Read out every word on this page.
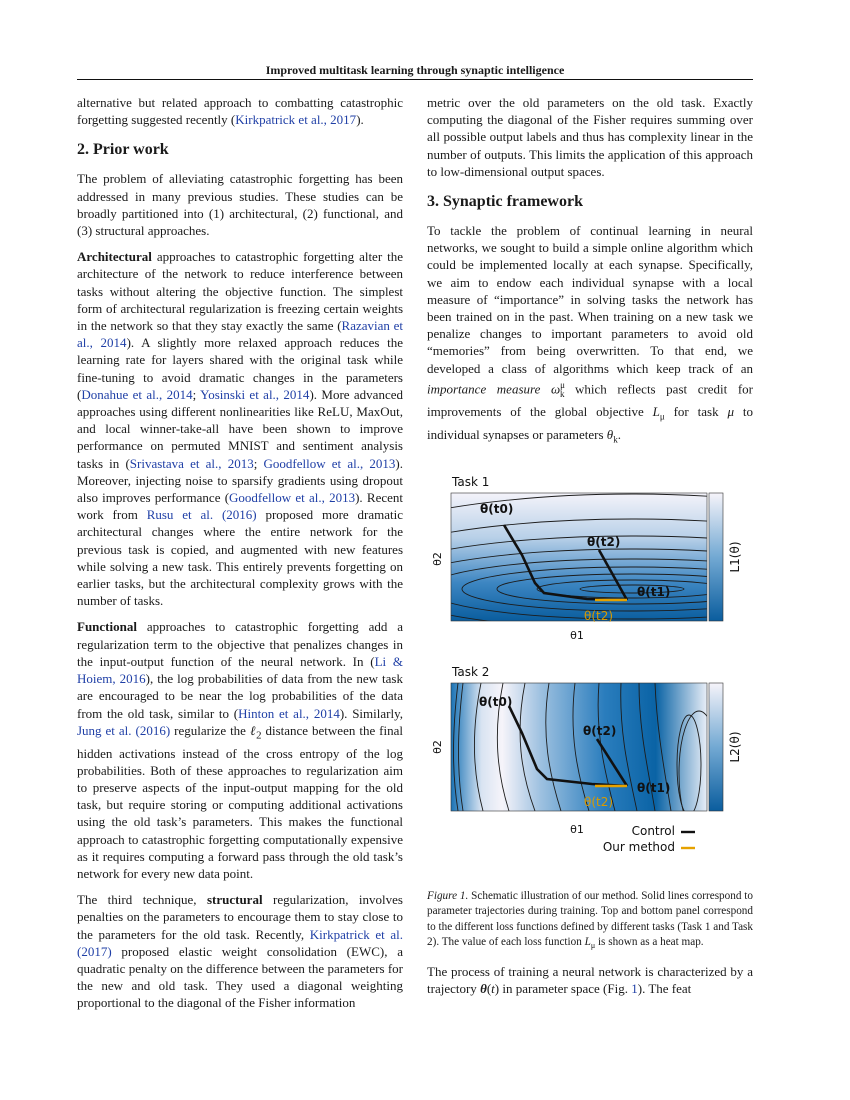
Improved multitask learning through synaptic intelligence

alternative but related approach to combatting catastrophic forgetting suggested recently (Kirkpatrick et al., 2017).

2. Prior work

The problem of alleviating catastrophic forgetting has been addressed in many previous studies. These studies can be broadly partitioned into (1) architectural, (2) functional, and (3) structural approaches.

Architectural approaches to catastrophic forgetting alter the architecture of the network to reduce interference between tasks without altering the objective function. The simplest form of architectural regularization is freezing certain weights in the network so that they stay exactly the same (Razavian et al., 2014). A slightly more relaxed approach reduces the learning rate for layers shared with the original task while fine-tuning to avoid dramatic changes in the parameters (Donahue et al., 2014; Yosinski et al., 2014). More advanced approaches using different nonlinearities like ReLU, MaxOut, and local winner-take-all have been shown to improve performance on permuted MNIST and sentiment analysis tasks in (Srivastava et al., 2013; Goodfellow et al., 2013). Moreover, injecting noise to sparsify gradients using dropout also improves performance (Goodfellow et al., 2013). Recent work from Rusu et al. (2016) proposed more dramatic architectural changes where the entire network for the previous task is copied, and augmented with new features while solving a new task. This entirely prevents forgetting on earlier tasks, but the architectural complexity grows with the number of tasks.

Functional approaches to catastrophic forgetting add a regularization term to the objective that penalizes changes in the input-output function of the neural network. In (Li & Hoiem, 2016), the log probabilities of data from the new task are encouraged to be near the log probabilities of the data from the old task, similar to (Hinton et al., 2014). Similarly, Jung et al. (2016) regularize the ℓ$_2$ distance between the final hidden activations instead of the cross entropy of the log probabilities. Both of these approaches to regularization aim to preserve aspects of the input-output mapping for the old task, but require storing or computing additional activations using the old task’s parameters. This makes the functional approach to catastrophic forgetting computationally expensive as it requires computing a forward pass through the old task’s network for every new data point.

The third technique, structural regularization, involves penalties on the parameters to encourage them to stay close to the parameters for the old task. Recently, Kirkpatrick et al. (2017) proposed elastic weight consolidation (EWC), a quadratic penalty on the difference between the parameters for the new and old task. They used a diagonal weighting proportional to the diagonal of the Fisher information

metric over the old parameters on the old task. Exactly computing the diagonal of the Fisher requires summing over all possible output labels and thus has complexity linear in the number of outputs. This limits the application of this approach to low-dimensional output spaces.

3. Synaptic framework

To tackle the problem of continual learning in neural networks, we sought to build a simple online algorithm which could be implemented locally at each synapse. Specifically, we aim to endow each individual synapse with a local measure of “importance” in solving tasks the network has been trained on in the past. When training on a new task we penalize changes to important parameters to avoid old “memories” from being overwritten. To that end, we developed a class of algorithms which keep track of an importance measure $\omega^\mu_k$ which reflects past credit for improvements of the global objective $L_\mu$ for task μ to individual synapses or parameters $\theta_k$.

Task 1
θ(t0)
θ(t2)
θ(t1)
θ(t2)
θ2
θ1
L1(θ)
Task 2
θ(t0)
θ(t2)
θ(t1)
θ(t2)
θ2
θ1
L2(θ)
Control
Our method

Figure 1. Schematic illustration of our method. Solid lines correspond to parameter trajectories during training. Top and bottom panel correspond to the different loss functions defined by different tasks (Task 1 and Task 2). The value of each loss function $L_\mu$ is shown as a heat map.

The process of training a neural network is characterized by a trajectory θ(t) in parameter space (Fig. 1). The feat
